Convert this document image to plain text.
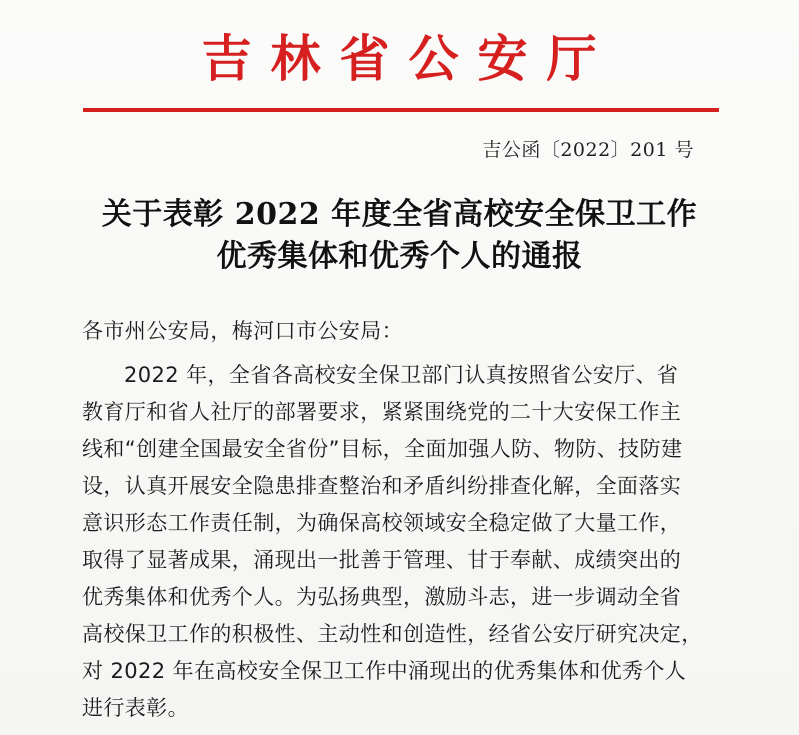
吉林省公安厅
吉公函〔2022〕201 号
关于表彰 2022 年度全省高校安全保卫工作
优秀集体和优秀个人的通报
各市州公安局，梅河口市公安局：
2022 年，全省各高校安全保卫部门认真按照省公安厅、省
教育厅和省人社厅的部署要求，紧紧围绕党的二十大安保工作主
线和“创建全国最安全省份”目标，全面加强人防、物防、技防建
设，认真开展安全隐患排查整治和矛盾纠纷排查化解，全面落实
意识形态工作责任制，为确保高校领域安全稳定做了大量工作，
取得了显著成果，涌现出一批善于管理、甘于奉献、成绩突出的
优秀集体和优秀个人。为弘扬典型，激励斗志，进一步调动全省
高校保卫工作的积极性、主动性和创造性，经省公安厅研究决定，
对 2022 年在高校安全保卫工作中涌现出的优秀集体和优秀个人
进行表彰。
